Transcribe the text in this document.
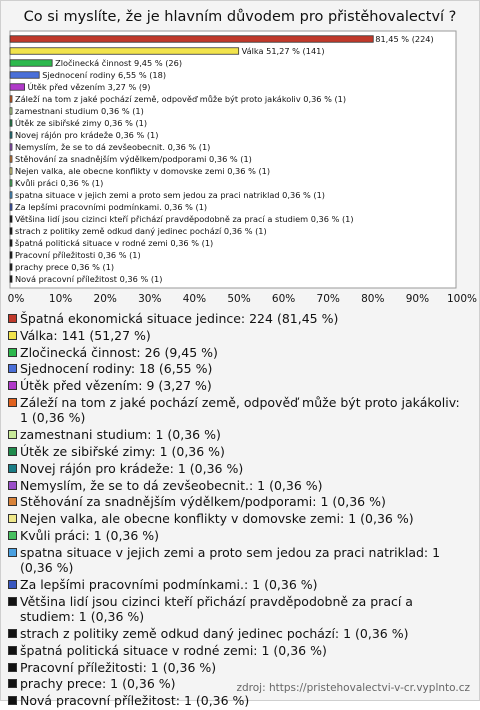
Co si myslíte, že je hlavním důvodem pro přistěhovalectví ?
81,45 % (224)
Válka 51,27 % (141)
Zločinecká činnost 9,45 % (26)
Sjednocení rodiny 6,55 % (18)
Útěk před vězením 3,27 % (9)
Záleží na tom z jaké pochází země, odpověď může být proto jakákoliv 0,36 % (1)
zamestnani studium 0,36 % (1)
Útěk ze sibiřské zimy 0,36 % (1)
Novej rájón pro krádeže 0,36 % (1)
Nemyslím, že se to dá zevšeobecnit. 0,36 % (1)
Stěhování za snadnějším výdělkem/podporami 0,36 % (1)
Nejen valka, ale obecne konflikty v domovske zemi 0,36 % (1)
Kvůli práci 0,36 % (1)
spatna situace v jejich zemi a proto sem jedou za praci natriklad 0,36 % (1)
Za lepšími pracovními podmínkami. 0,36 % (1)
Většina lidí jsou cizinci kteří přichází pravděpodobně za prací a studiem 0,36 % (1)
strach z politiky země odkud daný jedinec pochází 0,36 % (1)
špatná politická situace v rodné zemi 0,36 % (1)
Pracovní příležitosti 0,36 % (1)
prachy prece 0,36 % (1)
Nová pracovní příležitost 0,36 % (1)
0% 10% 20% 30% 40% 50% 60% 70% 80% 90% 100%
Špatná ekonomická situace jedince: 224 (81,45 %)
Válka: 141 (51,27 %)
Zločinecká činnost: 26 (9,45 %)
Sjednocení rodiny: 18 (6,55 %)
Útěk před vězením: 9 (3,27 %)
Záleží na tom z jaké pochází země, odpověď může být proto jakákoliv: 1 (0,36 %)
zamestnani studium: 1 (0,36 %)
Útěk ze sibiřské zimy: 1 (0,36 %)
Novej rájón pro krádeže: 1 (0,36 %)
Nemyslím, že se to dá zevšeobecnit.: 1 (0,36 %)
Stěhování za snadnějším výdělkem/podporami: 1 (0,36 %)
Nejen valka, ale obecne konflikty v domovske zemi: 1 (0,36 %)
Kvůli práci: 1 (0,36 %)
spatna situace v jejich zemi a proto sem jedou za praci natriklad: 1 (0,36 %)
Za lepšími pracovními podmínkami.: 1 (0,36 %)
Většina lidí jsou cizinci kteří přichází pravděpodobně za prací a studiem: 1 (0,36 %)
strach z politiky země odkud daný jedinec pochází: 1 (0,36 %)
špatná politická situace v rodné zemi: 1 (0,36 %)
Pracovní příležitosti: 1 (0,36 %)
prachy prece: 1 (0,36 %)
Nová pracovní příležitost: 1 (0,36 %)
zdroj: https://pristehovalectvi-v-cr.vyplnto.cz
